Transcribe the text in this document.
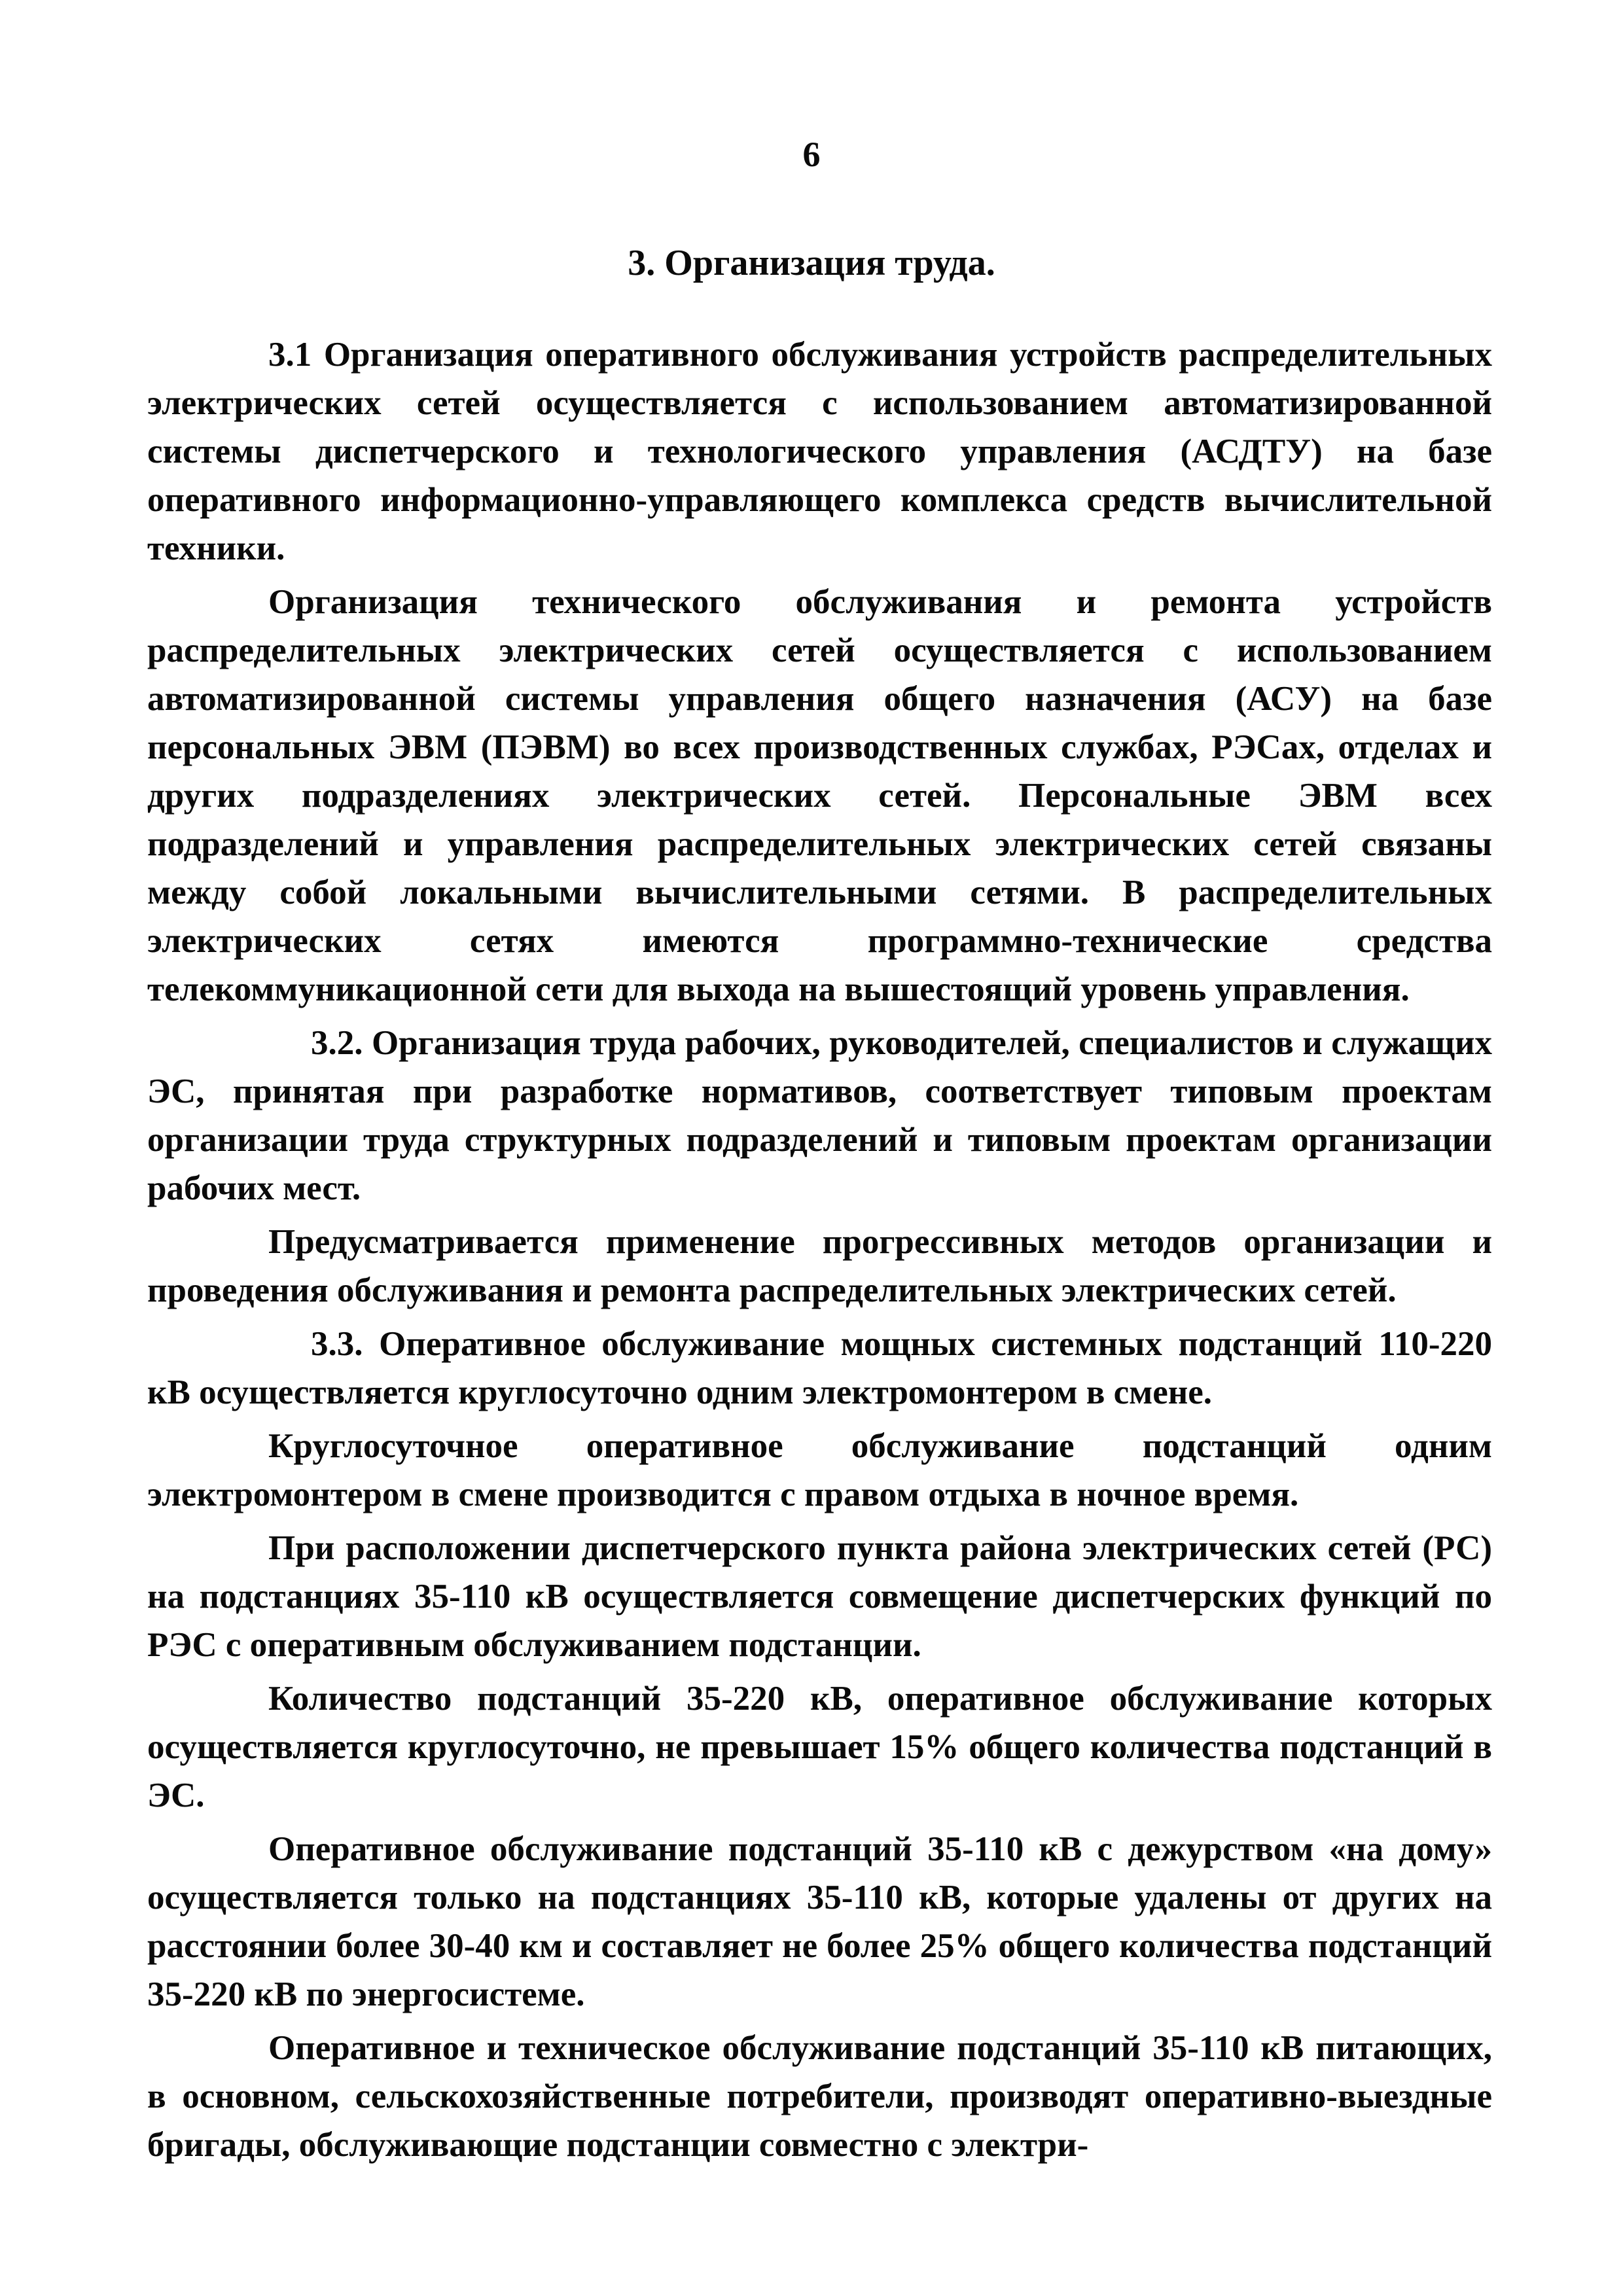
6
3. Организация труда.

3.1 Организация оперативного обслуживания устройств распределительных электрических сетей осуществляется с использованием автоматизированной системы диспетчерского и технологического управления (АСДТУ) на базе оперативного информационно-управляющего комплекса средств вычислительной техники.

Организация технического обслуживания и ремонта устройств распределительных электрических сетей осуществляется с использованием автоматизированной системы управления общего назначения (АСУ) на базе персональных ЭВМ (ПЭВМ) во всех производственных службах, РЭСах, отделах и других подразделениях электрических сетей. Персональные ЭВМ всех подразделений и управления распределительных электрических сетей связаны между собой локальными вычислительными сетями. В распределительных электрических сетях имеются программно-технические средства телекоммуникационной сети для выхода на вышестоящий уровень управления.

3.2. Организация труда рабочих, руководителей, специалистов и служащих ЭС, принятая при разработке нормативов, соответствует типовым проектам организации труда структурных подразделений и типовым проектам организации рабочих мест.

Предусматривается применение прогрессивных методов организации и проведения обслуживания и ремонта распределительных электрических сетей.

3.3. Оперативное обслуживание мощных системных подстанций 110-220 кВ осуществляется круглосуточно одним электромонтером в смене.

Круглосуточное оперативное обслуживание подстанций одним электромонтером в смене производится с правом отдыха в ночное время.

При расположении диспетчерского пункта района электрических сетей (РС) на подстанциях 35-110 кВ осуществляется совмещение диспетчерских функций по РЭС с оперативным обслуживанием подстанции.

Количество подстанций 35-220 кВ, оперативное обслуживание которых осуществляется круглосуточно, не превышает 15% общего количества подстанций в ЭС.

Оперативное обслуживание подстанций 35-110 кВ с дежурством «на дому» осуществляется только на подстанциях 35-110 кВ, которые удалены от других на расстоянии более 30-40 км и составляет не более 25% общего количества подстанций 35-220 кВ по энергосистеме.

Оперативное и техническое обслуживание подстанций 35-110 кВ питающих, в основном, сельскохозяйственные потребители, производят оперативно-выездные бригады, обслуживающие подстанции совместно с электри-
